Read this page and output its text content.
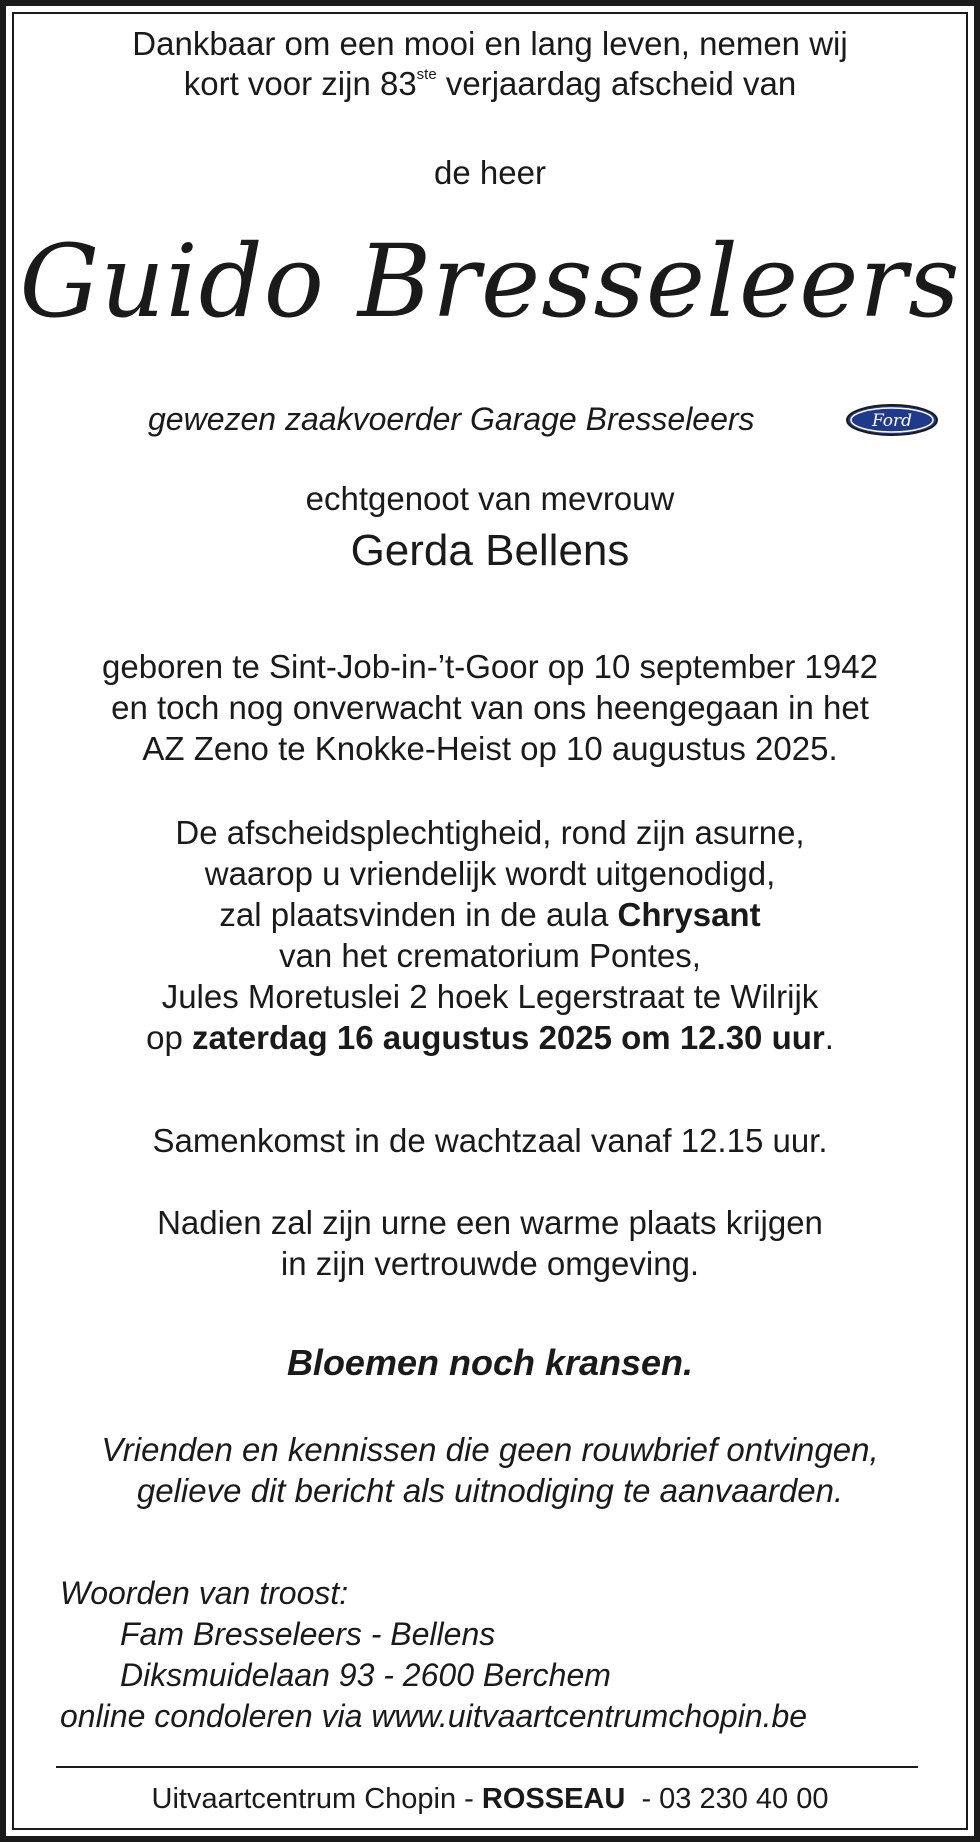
Dankbaar om een mooi en lang leven, nemen wij
kort voor zijn 83ste verjaardag afscheid van
de heer
Guido Bresseleers
gewezen zaakvoerder Garage Bresseleers	Ford
echtgenoot van mevrouw
Gerda Bellens
geboren te Sint-Job-in-’t-Goor op 10 september 1942
en toch nog onverwacht van ons heengegaan in het
AZ Zeno te Knokke-Heist op 10 augustus 2025.
De afscheidsplechtigheid, rond zijn asurne,
waarop u vriendelijk wordt uitgenodigd,
zal plaatsvinden in de aula Chrysant
van het crematorium Pontes,
Jules Moretuslei 2 hoek Legerstraat te Wilrijk
op zaterdag 16 augustus 2025 om 12.30 uur.
Samenkomst in de wachtzaal vanaf 12.15 uur.
Nadien zal zijn urne een warme plaats krijgen
in zijn vertrouwde omgeving.
Bloemen noch kransen.
Vrienden en kennissen die geen rouwbrief ontvingen,
gelieve dit bericht als uitnodiging te aanvaarden.
Woorden van troost:
Fam Bresseleers - Bellens
Diksmuidelaan 93 - 2600 Berchem
online condoleren via www.uitvaartcentrumchopin.be
Uitvaartcentrum Chopin - ROSSEAU  - 03 230 40 00
